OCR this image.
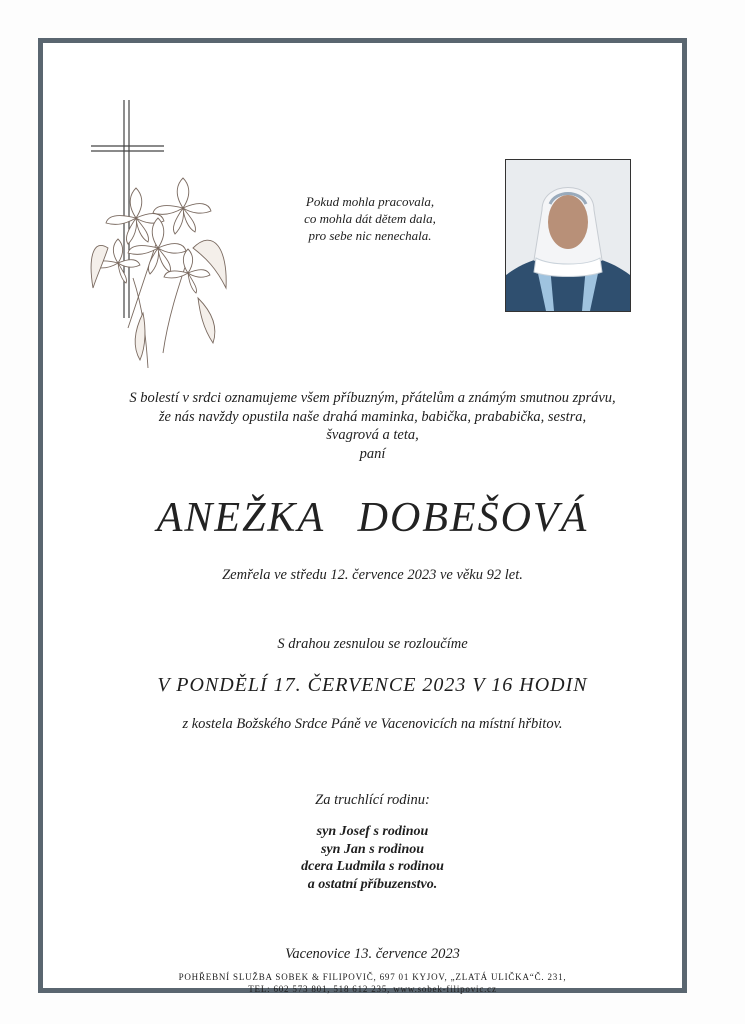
Pokud mohla pracovala,
co mohla dát dětem dala,
pro sebe nic nenechala.
S bolestí v srdci oznamujeme všem příbuzným, přátelům a známým smutnou zprávu,
že nás navždy opustila naše drahá maminka, babička, prababička, sestra,
švagrová a teta,
paní
ANEŽKA DOBEŠOVÁ
Zemřela ve středu 12. července 2023 ve věku 92 let.
S drahou zesnulou se rozloučíme
V PONDĚLÍ 17. ČERVENCE 2023 V 16 HODIN
z kostela Božského Srdce Páně ve Vacenovicích na místní hřbitov.
Za truchlící rodinu:
syn Josef s rodinou
syn Jan s rodinou
dcera Ludmila s rodinou
a ostatní příbuzenstvo.
Vacenovice 13. července 2023
POHŘEBNÍ SLUŽBA SOBEK & FILIPOVIČ, 697 01 KYJOV, „ZLATÁ ULIČKA“Č. 231,
TEL: 602 573 801, 518 612 235, www.sobek-filipovic.cz
